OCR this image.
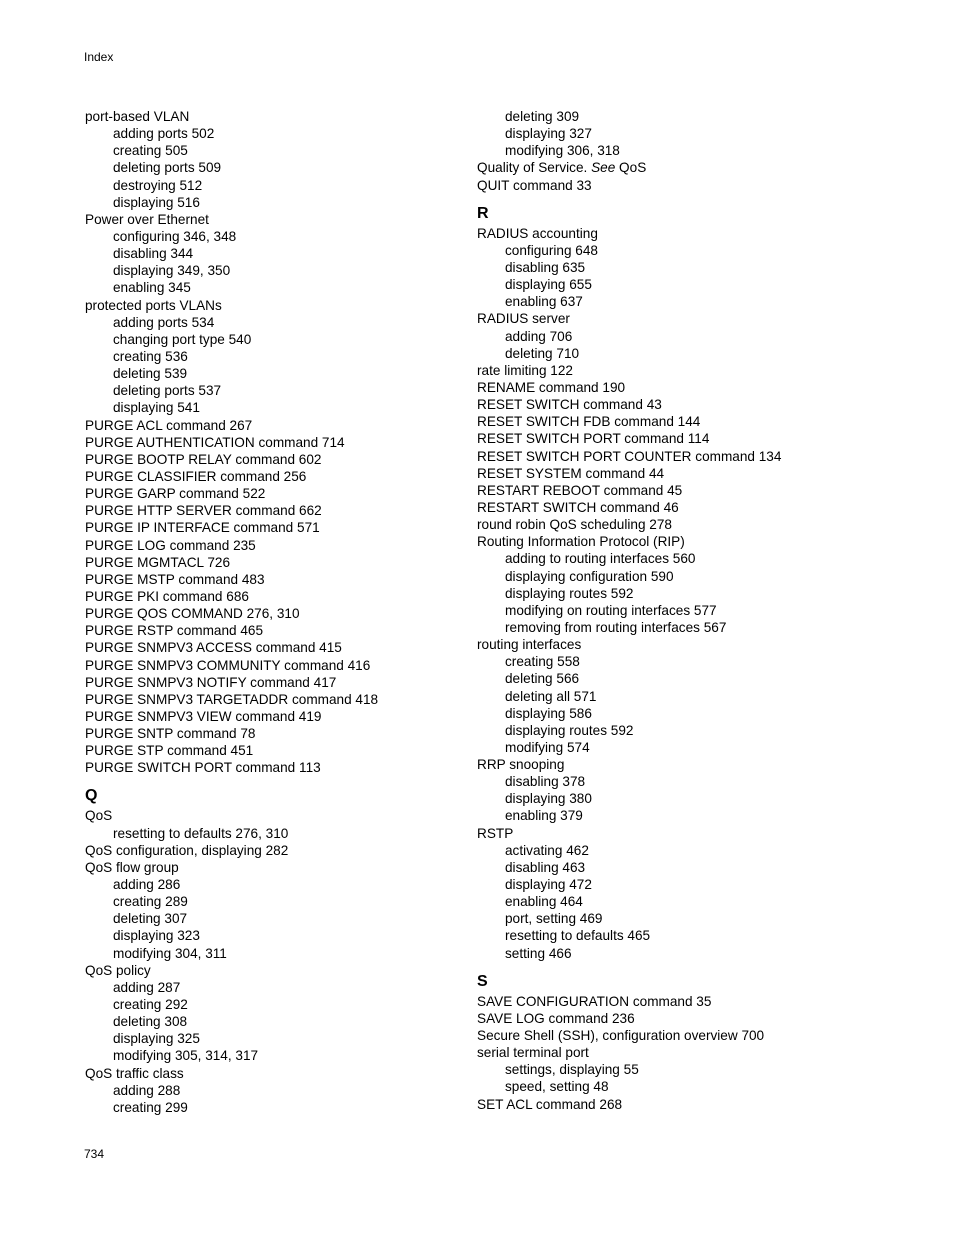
Index
port-based VLAN
adding ports 502
creating 505
deleting ports 509
destroying 512
displaying 516
Power over Ethernet
configuring 346, 348
disabling 344
displaying 349, 350
enabling 345
protected ports VLANs
adding ports 534
changing port type 540
creating 536
deleting 539
deleting ports 537
displaying 541
PURGE ACL command 267
PURGE AUTHENTICATION command 714
PURGE BOOTP RELAY command 602
PURGE CLASSIFIER command 256
PURGE GARP command 522
PURGE HTTP SERVER command 662
PURGE IP INTERFACE command 571
PURGE LOG command 235
PURGE MGMTACL 726
PURGE MSTP command 483
PURGE PKI command 686
PURGE QOS COMMAND 276, 310
PURGE RSTP command 465
PURGE SNMPV3 ACCESS command 415
PURGE SNMPV3 COMMUNITY command 416
PURGE SNMPV3 NOTIFY command 417
PURGE SNMPV3 TARGETADDR command 418
PURGE SNMPV3 VIEW command 419
PURGE SNTP command 78
PURGE STP command 451
PURGE SWITCH PORT command 113
Q
QoS
resetting to defaults 276, 310
QoS configuration, displaying 282
QoS flow group
adding 286
creating 289
deleting 307
displaying 323
modifying 304, 311
QoS policy
adding 287
creating 292
deleting 308
displaying 325
modifying 305, 314, 317
QoS traffic class
adding 288
creating 299
deleting 309
displaying 327
modifying 306, 318
Quality of Service. See QoS
QUIT command 33
R
RADIUS accounting
configuring 648
disabling 635
displaying 655
enabling 637
RADIUS server
adding 706
deleting 710
rate limiting 122
RENAME command 190
RESET SWITCH command 43
RESET SWITCH FDB command 144
RESET SWITCH PORT command 114
RESET SWITCH PORT COUNTER command 134
RESET SYSTEM command 44
RESTART REBOOT command 45
RESTART SWITCH command 46
round robin QoS scheduling 278
Routing Information Protocol (RIP)
adding to routing interfaces 560
displaying configuration 590
displaying routes 592
modifying on routing interfaces 577
removing from routing interfaces 567
routing interfaces
creating 558
deleting 566
deleting all 571
displaying 586
displaying routes 592
modifying 574
RRP snooping
disabling 378
displaying 380
enabling 379
RSTP
activating 462
disabling 463
displaying 472
enabling 464
port, setting 469
resetting to defaults 465
setting 466
S
SAVE CONFIGURATION command 35
SAVE LOG command 236
Secure Shell (SSH), configuration overview 700
serial terminal port
settings, displaying 55
speed, setting 48
SET ACL command 268
734
